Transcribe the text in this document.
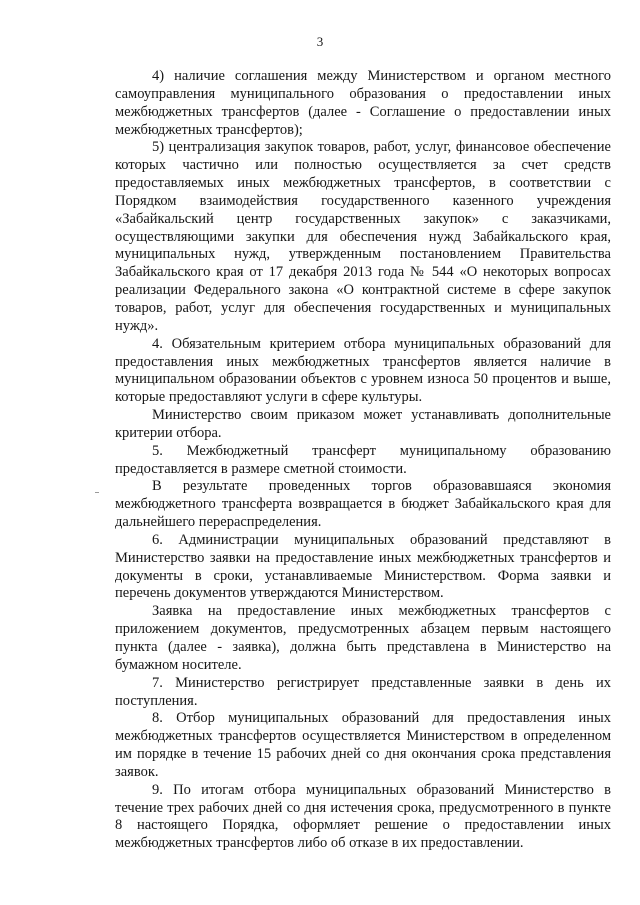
3

4) наличие соглашения между Министерством и органом местного самоуправления муниципального образования о предоставлении иных межбюджетных трансфертов (далее - Соглашение о предоставлении иных межбюджетных трансфертов);

5) централизация закупок товаров, работ, услуг, финансовое обеспечение которых частично или полностью осуществляется за счет средств предоставляемых иных межбюджетных трансфертов, в соответствии с Порядком взаимодействия государственного казенного учреждения «Забайкальский центр государственных закупок» с заказчиками, осуществляющими закупки для обеспечения нужд Забайкальского края, муниципальных нужд, утвержденным постановлением Правительства Забайкальского края от 17 декабря 2013 года № 544 «О некоторых вопросах реализации Федерального закона «О контрактной системе в сфере закупок товаров, работ, услуг для обеспечения государственных и муниципальных нужд».

4. Обязательным критерием отбора муниципальных образований для предоставления иных межбюджетных трансфертов является наличие в муниципальном образовании объектов с уровнем износа 50 процентов и выше, которые предоставляют услуги в сфере культуры.

Министерство своим приказом может устанавливать дополнительные критерии отбора.

5. Межбюджетный трансферт муниципальному образованию предоставляется в размере сметной стоимости.

В результате проведенных торгов образовавшаяся экономия межбюджетного трансферта возвращается в бюджет Забайкальского края для дальнейшего перераспределения.

6. Администрации муниципальных образований представляют в Министерство заявки на предоставление иных межбюджетных трансфертов и документы в сроки, устанавливаемые Министерством. Форма заявки и перечень документов утверждаются Министерством.

Заявка на предоставление иных межбюджетных трансфертов с приложением документов, предусмотренных абзацем первым настоящего пункта (далее - заявка), должна быть представлена в Министерство на бумажном носителе.

7. Министерство регистрирует представленные заявки в день их поступления.

8. Отбор муниципальных образований для предоставления иных межбюджетных трансфертов осуществляется Министерством в определенном им порядке в течение 15 рабочих дней со дня окончания срока представления заявок.

9. По итогам отбора муниципальных образований Министерство в течение трех рабочих дней со дня истечения срока, предусмотренного в пункте 8 настоящего Порядка, оформляет решение о предоставлении иных межбюджетных трансфертов либо об отказе в их предоставлении.
